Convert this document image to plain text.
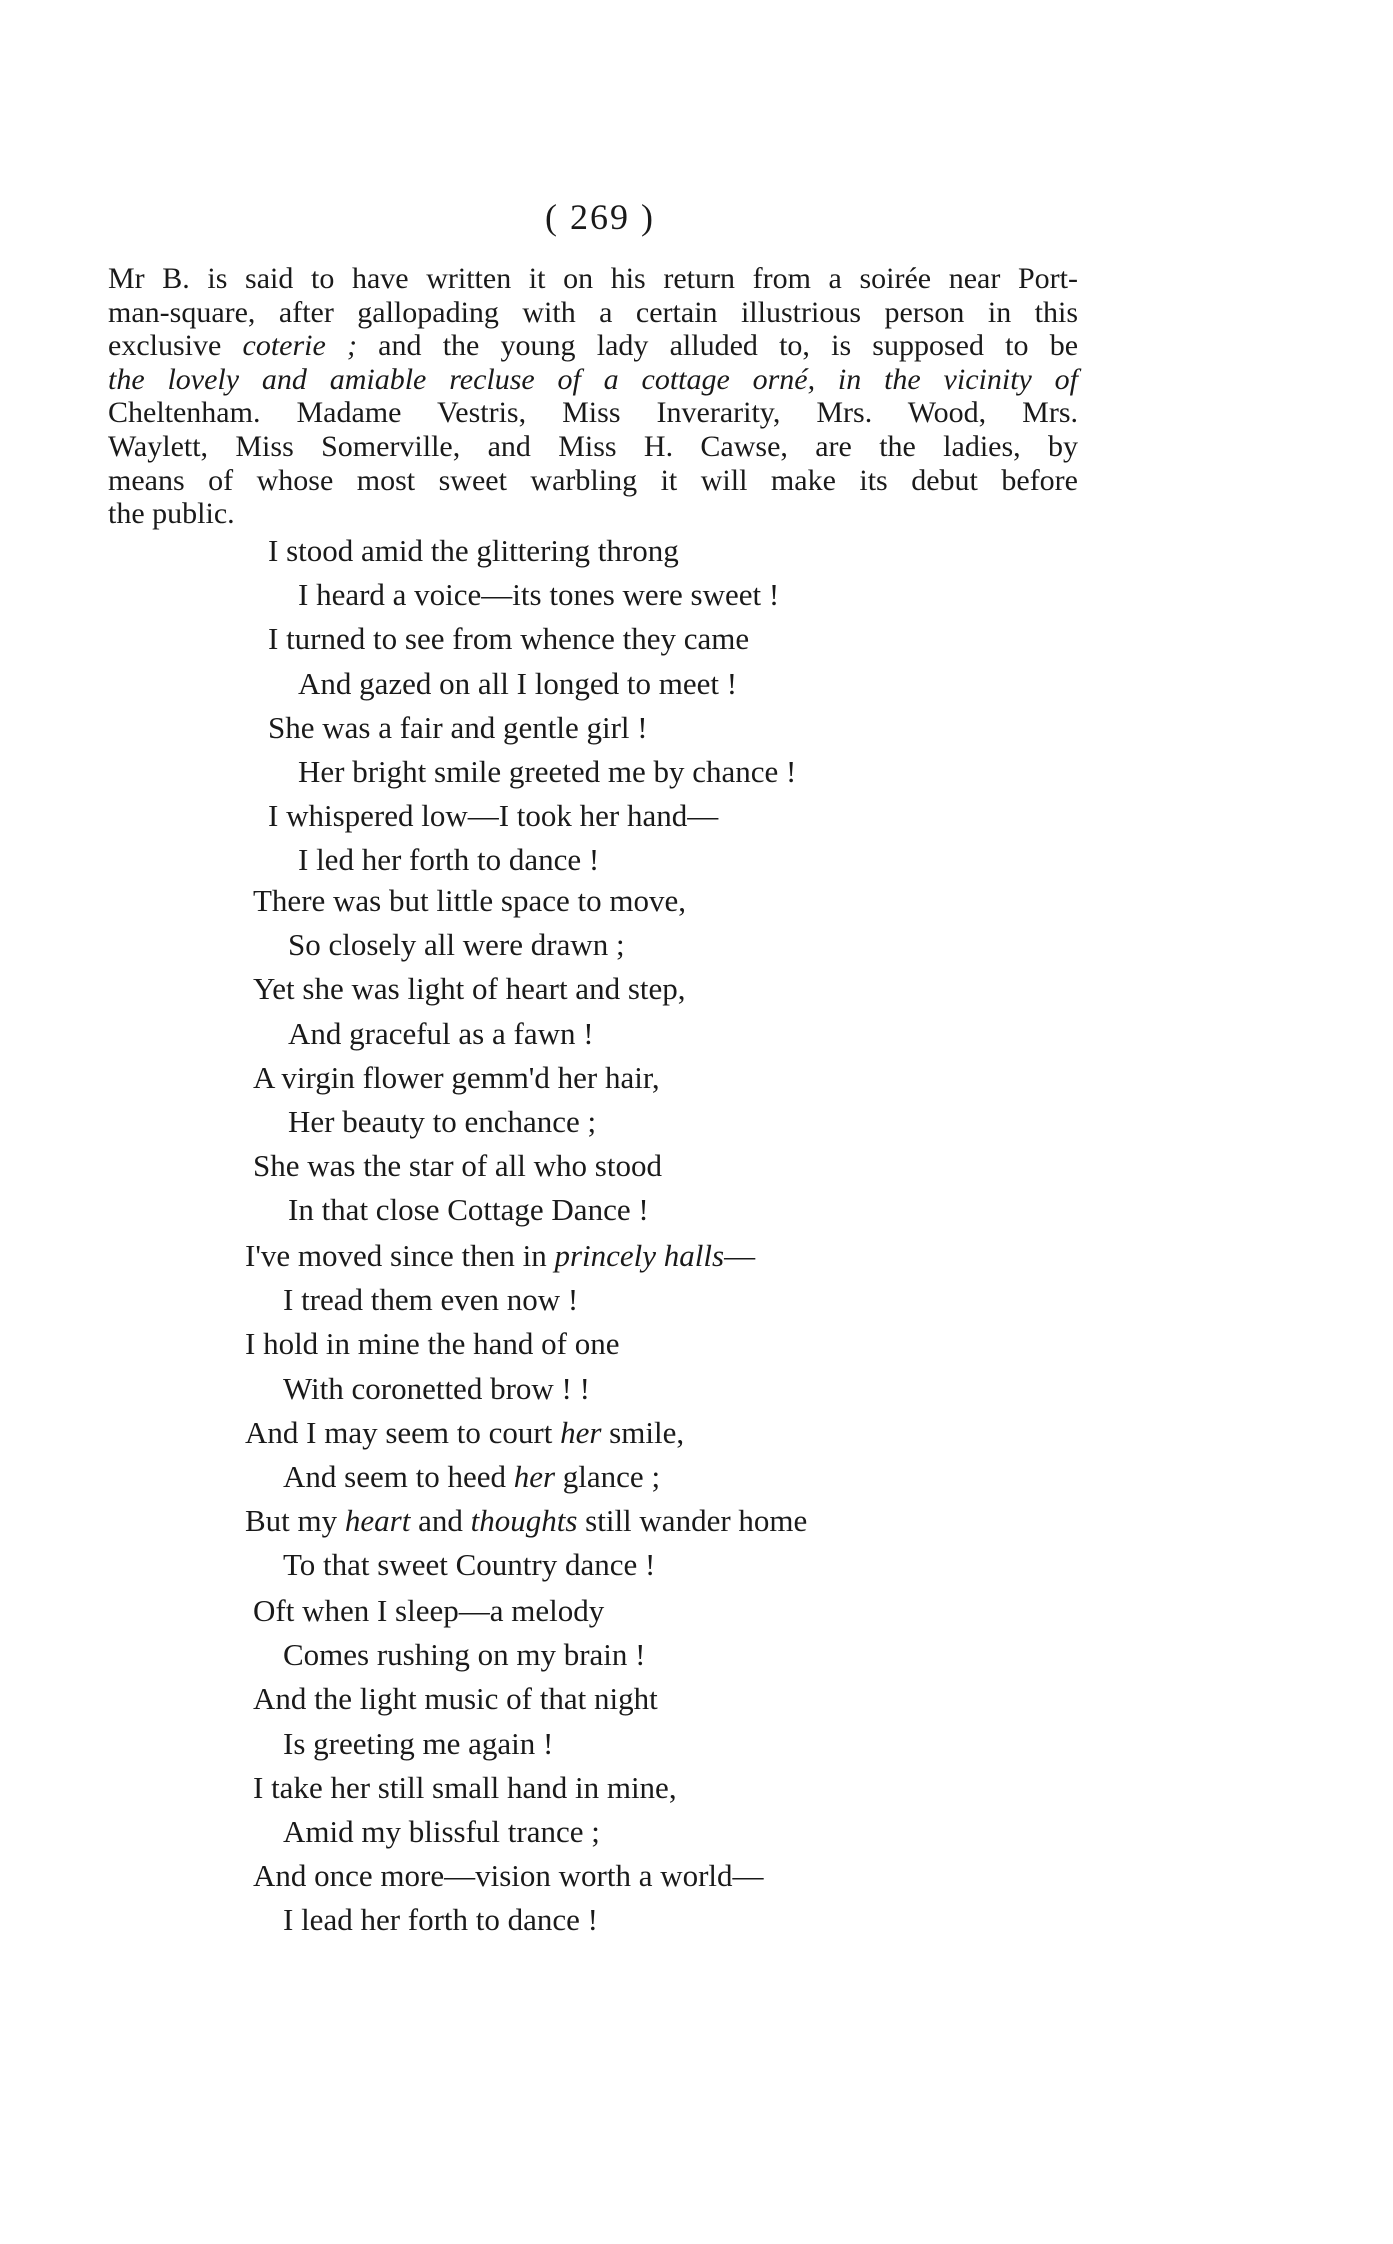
( 269 )
Mr B. is said to have written it on his return from a soirée near Port-
man-square, after gallopading with a certain illustrious person in this
exclusive coterie ; and the young lady alluded to, is supposed to be
the lovely and amiable recluse of a cottage orné, in the vicinity of
Cheltenham. Madame Vestris, Miss Inverarity, Mrs. Wood, Mrs.
Waylett, Miss Somerville, and Miss H. Cawse, are the ladies, by
means of whose most sweet warbling it will make its debut before
the public.
I stood amid the glittering throng
I heard a voice—its tones were sweet !
I turned to see from whence they came
And gazed on all I longed to meet !
She was a fair and gentle girl !
Her bright smile greeted me by chance !
I whispered low—I took her hand—
I led her forth to dance !
There was but little space to move,
So closely all were drawn ;
Yet she was light of heart and step,
And graceful as a fawn !
A virgin flower gemm'd her hair,
Her beauty to enchance ;
She was the star of all who stood
In that close Cottage Dance !
I've moved since then in princely halls—
I tread them even now !
I hold in mine the hand of one
With coronetted brow ! !
And I may seem to court her smile,
And seem to heed her glance ;
But my heart and thoughts still wander home
To that sweet Country dance !
Oft when I sleep—a melody
Comes rushing on my brain !
And the light music of that night
Is greeting me again !
I take her still small hand in mine,
Amid my blissful trance ;
And once more—vision worth a world—
I lead her forth to dance !
